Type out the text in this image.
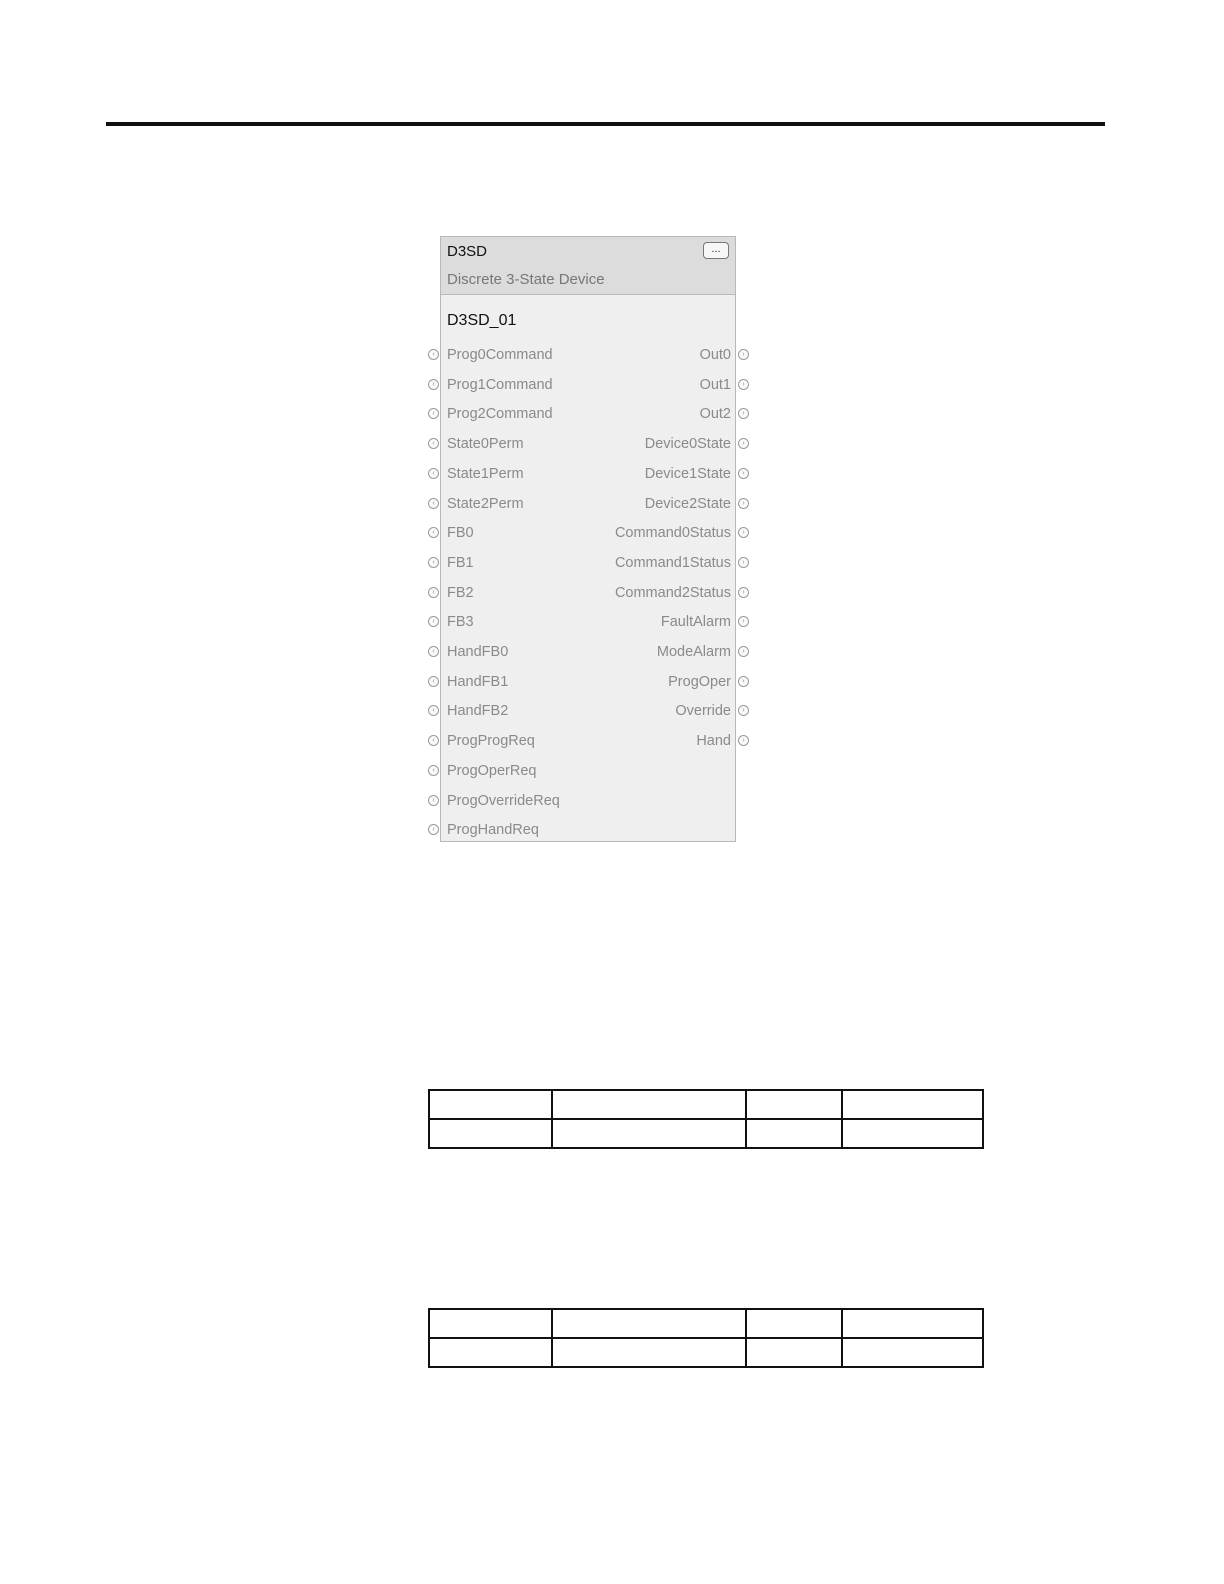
D3SD
Discrete 3-State Device
...
D3SD_01
Prog0Command
‹
Prog1Command
‹
Prog2Command
‹
State0Perm
‹
State1Perm
‹
State2Perm
‹
FB0
‹
FB1
‹
FB2
‹
FB3
‹
HandFB0
‹
HandFB1
‹
HandFB2
‹
ProgProgReq
‹
ProgOperReq
‹
ProgOverrideReq
‹
ProgHandReq
‹
Out0	›
Out1	›
Out2	›
Device0State	›
Device1State	›
Device2State	›
Command0Status	›
Command1Status	›
Command2Status	›
FaultAlarm	›
ModeAlarm	›
ProgOper	›
Override	›
Hand	›
